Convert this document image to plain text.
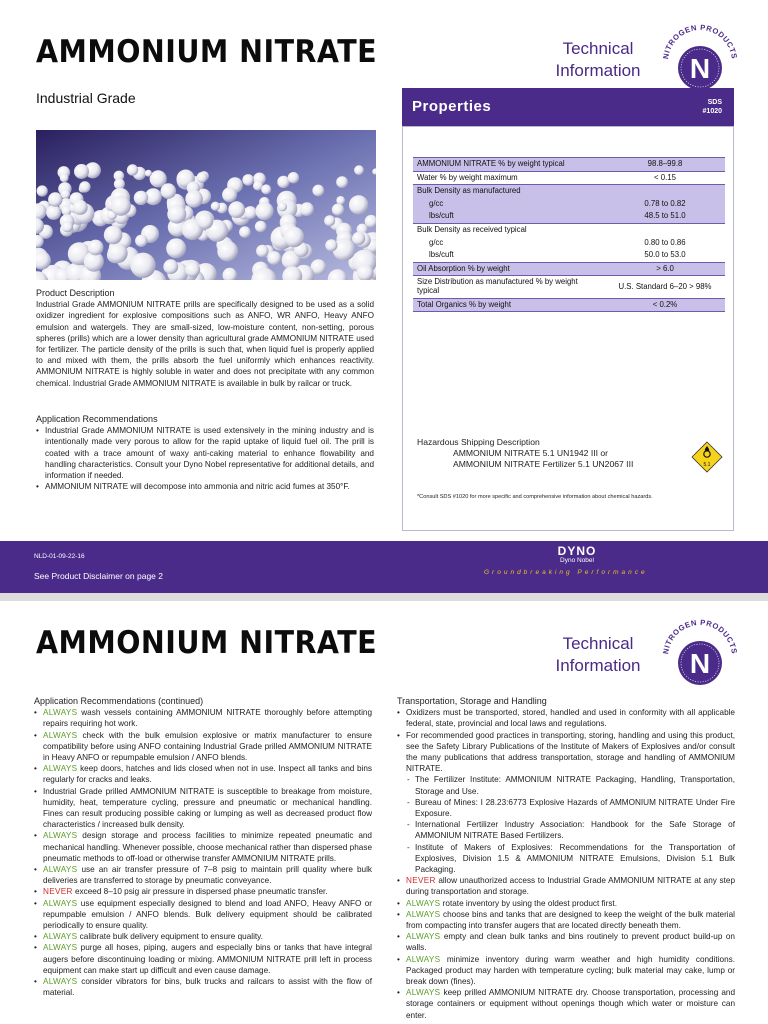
AMMONIUM NITRATE	Technical
Information
NITROGEN PRODUCTS
N
Industrial Grade
Product Description
Industrial Grade AMMONIUM NITRATE prills are specifically designed to be used as a solid oxidizer ingredient for explosive compositions such as ANFO, WR ANFO, Heavy ANFO emulsion and watergels. They are small-sized, low-moisture content, non-setting, porous spheres (prills) which are a lower density than agricultural grade AMMONIUM NITRATE used for fertilizer. The particle density of the prills is such that, when liquid fuel is properly applied to and mixed with them, the prills absorb the fuel uniformly which enhances reactivity. AMMONIUM NITRATE is highly soluble in water and does not precipitate with any common chemical. Industrial Grade AMMONIUM NITRATE is available in bulk by railcar or truck.
Application Recommendations
• Industrial Grade AMMONIUM NITRATE is used extensively in the mining industry and is intentionally made very porous to allow for the rapid uptake of liquid fuel oil. The prill is coated with a trace amount of waxy anti-caking material to enhance flowability and handling characteristics. Consult your Dyno Nobel representative for additional details, and information if needed.
• AMMONIUM NITRATE will decompose into ammonia and nitric acid fumes at 350°F.
Properties	SDS
#1020
AMMONIUM NITRATE % by weight typical	98.8–99.8
Water % by weight maximum	< 0.15
Bulk Density as manufactured	
g/cc	0.78 to 0.82
lbs/cuft	48.5 to 51.0
Bulk Density as received typical	
g/cc	0.80 to 0.86
lbs/cuft	50.0 to 53.0
Oil Absorption % by weight	> 6.0
Size Distribution as manufactured % by weight typical	U.S. Standard 6–20 > 98%
Total Organics % by weight	< 0.2%
Hazardous Shipping Description
AMMONIUM NITRATE 5.1 UN1942 III or
AMMONIUM NITRATE Fertilizer 5.1 UN2067 III	5.1
*Consult SDS #1020 for more specific and comprehensive information about chemical hazards.
NLD-01-09-22-16
See Product Disclaimer on page 2
DYNO
Dyno Nobel
Groundbreaking Performance
AMMONIUM NITRATE	Technical
Information
NITROGEN PRODUCTS
N
Application Recommendations (continued)
• ALWAYS wash vessels containing AMMONIUM NITRATE thoroughly before attempting repairs requiring hot work.
• ALWAYS check with the bulk emulsion explosive or matrix manufacturer to ensure compatibility before using ANFO containing Industrial Grade prilled AMMONIUM NITRATE in Heavy ANFO or repumpable emulsion / ANFO blends.
• ALWAYS keep doors, hatches and lids closed when not in use. Inspect all tanks and bins regularly for cracks and leaks.
• Industrial Grade prilled AMMONIUM NITRATE is susceptible to breakage from moisture, humidity, heat, temperature cycling, pressure and pneumatic or mechanical handling. Fines can result producing possible caking or lumping as well as decreased product flow characteristics / increased bulk density.
• ALWAYS design storage and process facilities to minimize repeated pneumatic and mechanical handling. Whenever possible, choose mechanical rather than dispersed phase pneumatic methods to off-load or otherwise transfer AMMONIUM NITRATE prills.
• ALWAYS use an air transfer pressure of 7–8 psig to maintain prill quality where bulk deliveries are transferred to storage by pneumatic conveyance.
• NEVER exceed 8–10 psig air pressure in dispersed phase pneumatic transfer.
• ALWAYS use equipment especially designed to blend and load ANFO, Heavy ANFO or repumpable emulsion / ANFO blends. Bulk delivery equipment should be calibrated periodically to ensure quality.
• ALWAYS calibrate bulk delivery equipment to ensure quality.
• ALWAYS purge all hoses, piping, augers and especially bins or tanks that have integral augers before discontinuing loading or mixing. AMMONIUM NITRATE prill left in process equipment can make start up difficult and even cause damage.
• ALWAYS consider vibrators for bins, bulk trucks and railcars to assist with the flow of material.
Transportation, Storage and Handling
• Oxidizers must be transported, stored, handled and used in conformity with all applicable federal, state, provincial and local laws and regulations.
• For recommended good practices in transporting, storing, handling and using this product, see the Safety Library Publications of the Institute of Makers of Explosives and/or consult the many publications that address transportation, storage and handling of AMMONIUM NITRATE.
- The Fertilizer Institute: AMMONIUM NITRATE Packaging, Handling, Transportation, Storage and Use.
- Bureau of Mines: I 28.23:6773 Explosive Hazards of AMMONIUM NITRATE Under Fire Exposure.
- International Fertilizer Industry Association: Handbook for the Safe Storage of AMMONIUM NITRATE Based Fertilizers.
- Institute of Makers of Explosives: Recommendations for the Transportation of Explosives, Division 1.5 & AMMONIUM NITRATE Emulsions, Division 5.1 Bulk Packaging.
• NEVER allow unauthorized access to Industrial Grade AMMONIUM NITRATE at any step during transportation and storage.
• ALWAYS rotate inventory by using the oldest product first.
• ALWAYS choose bins and tanks that are designed to keep the weight of the bulk material from compacting into transfer augers that are located directly beneath them.
• ALWAYS empty and clean bulk tanks and bins routinely to prevent product build-up on walls.
• ALWAYS minimize inventory during warm weather and high humidity conditions. Packaged product may harden with temperature cycling; bulk material may cake, lump or break down (fines).
• ALWAYS keep prilled AMMONIUM NITRATE dry. Choose transportation, processing and storage containers or equipment without openings though which water or moisture can enter.
